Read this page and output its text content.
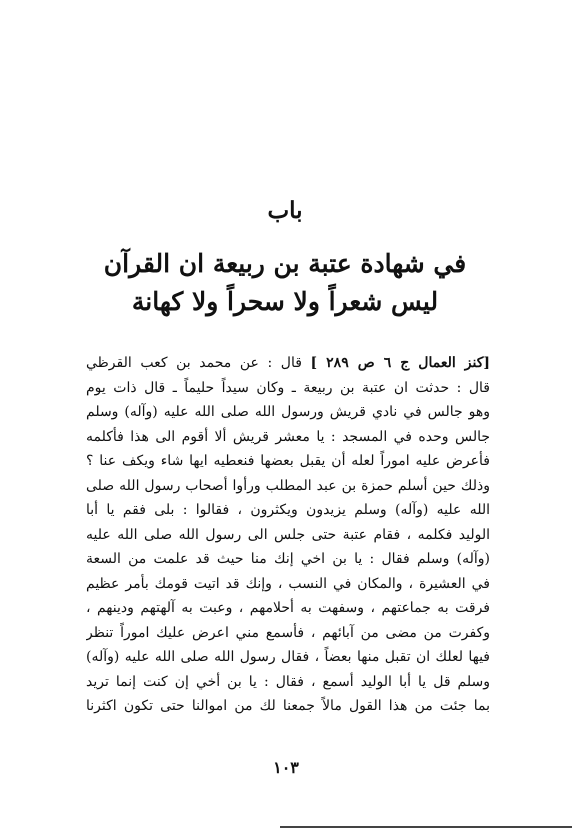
باب
في شهادة عتبة بن ربيعة ان القرآن
ليس شعراً ولا سحراً ولا كهانة
[كنز العمال ج ٦ ص ٢٨٩ ] قال : عن محمد بن كعب القرظي
قال : حدثت ان عتبة بن ربيعة ـ وكان سيداً حليماً ـ قال ذات يوم
وهو جالس في نادي قريش ورسول الله صلى الله عليه (وآله) وسلم
جالس وحده في المسجد : يا معشر قريش ألا أقوم الى هذا فأكلمه
فأعرض عليه اموراً لعله أن يقبل بعضها فنعطيه ايها شاء ويكف عنا ؟
وذلك حين أسلم حمزة بن عبد المطلب ورأوا أصحاب رسول الله صلى
الله عليه (وآله) وسلم يزيدون ويكثرون ، فقالوا : بلى فقم يا أبا
الوليد فكلمه ، فقام عتبة حتى جلس الى رسول الله صلى الله عليه
(وآله) وسلم فقال : يا بن اخي إنك منا حيث قد علمت من السعة
في العشيرة ، والمكان في النسب ، وإنك قد اتيت قومك بأمر عظيم
فرقت به جماعتهم ، وسفهت به أحلامهم ، وعبت به آلهتهم ودينهم ،
وكفرت من مضى من آبائهم ، فأسمع مني اعرض عليك اموراً تنظر
فيها لعلك ان تقبل منها بعضاً ، فقال رسول الله صلى الله عليه (وآله)
وسلم قل يا أبا الوليد أسمع ، فقال : يا بن أخي إن كنت إنما تريد
بما جئت من هذا القول مالاً جمعنا لك من اموالنا حتى تكون اكثرنا
١٠٣
